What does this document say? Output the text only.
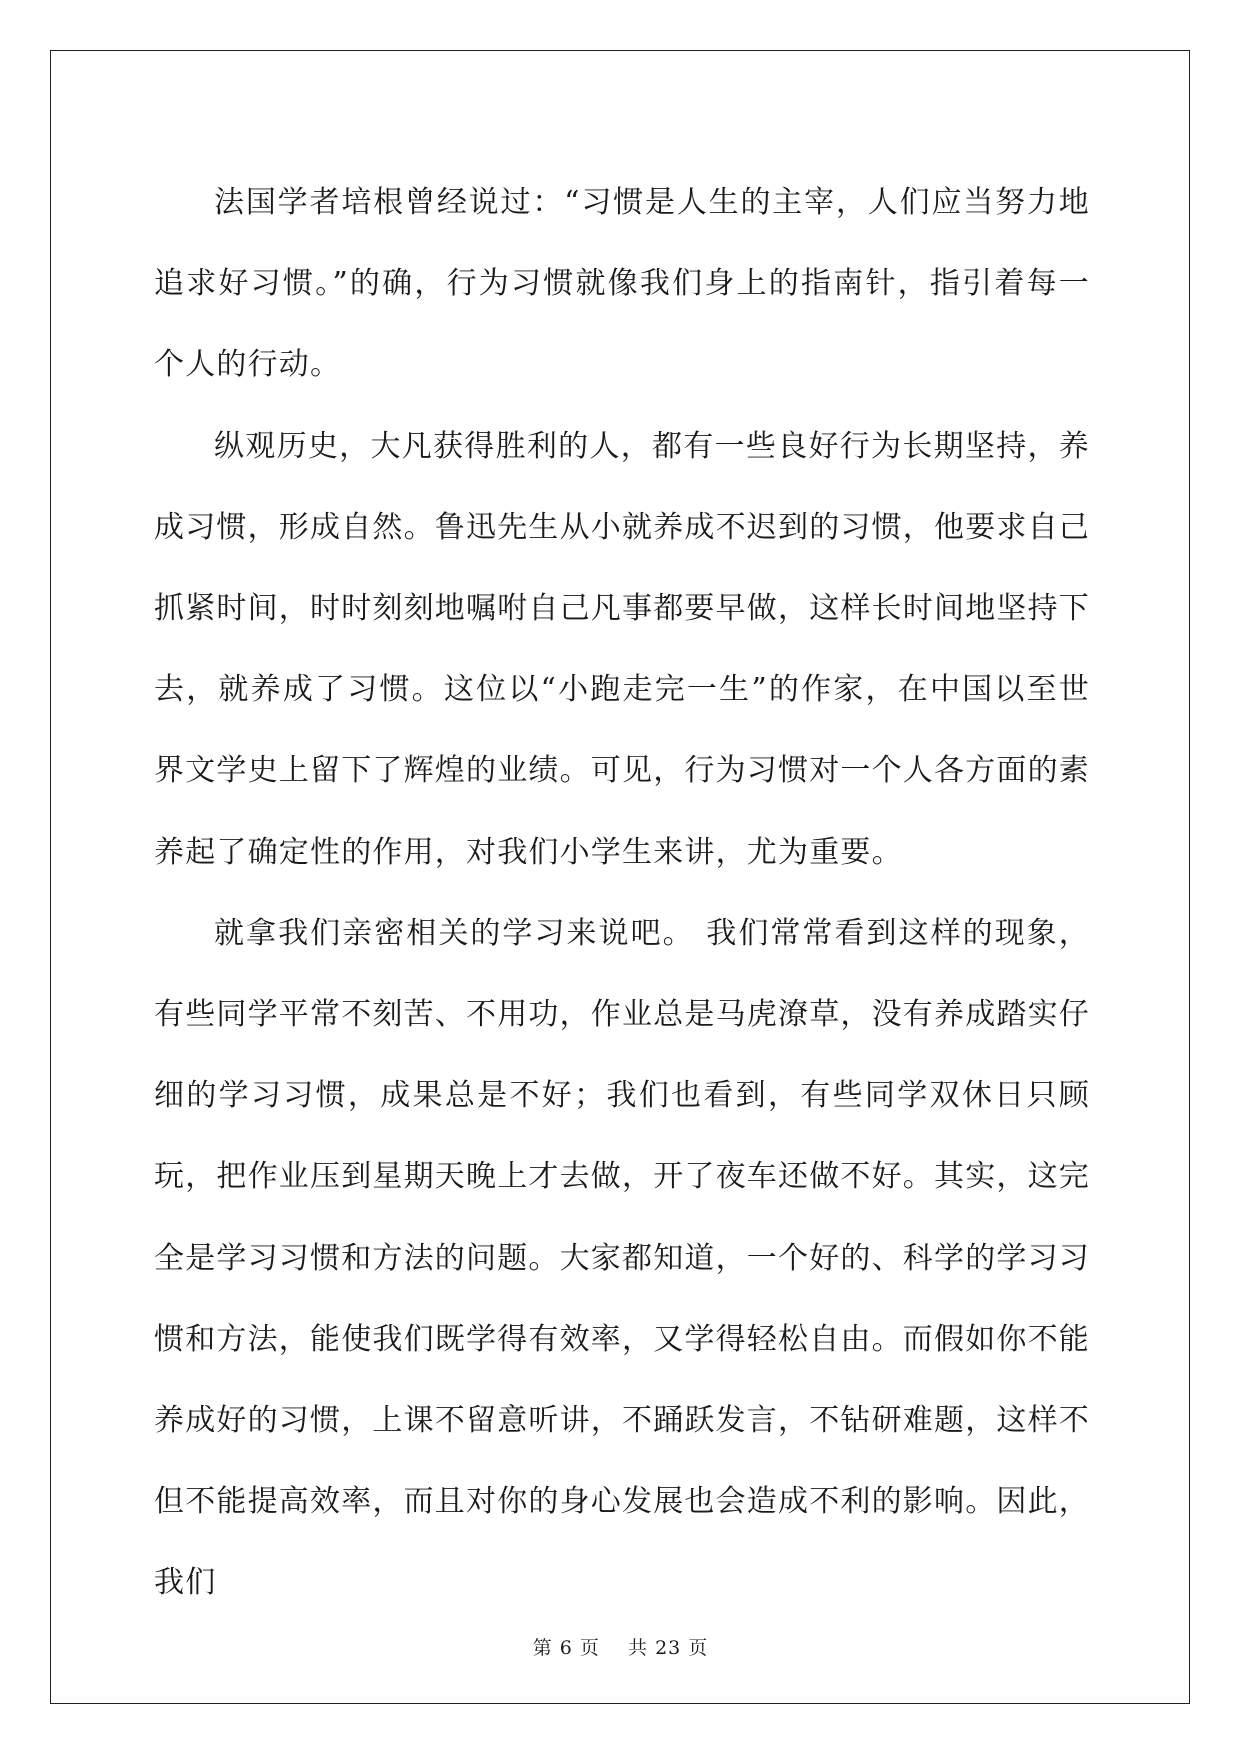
法国学者培根曾经说过：“习惯是人生的主宰，人们应当努力地追求好习惯。”的确，行为习惯就像我们身上的指南针，指引着每一个人的行动。

纵观历史，大凡获得胜利的人，都有一些良好行为长期坚持，养成习惯，形成自然。鲁迅先生从小就养成不迟到的习惯，他要求自己抓紧时间，时时刻刻地嘱咐自己凡事都要早做，这样长时间地坚持下去，就养成了习惯。这位以“小跑走完一生”的作家，在中国以至世界文学史上留下了辉煌的业绩。可见，行为习惯对一个人各方面的素养起了确定性的作用，对我们小学生来讲，尤为重要。

就拿我们亲密相关的学习来说吧。 我们常常看到这样的现象，有些同学平常不刻苦、不用功，作业总是马虎潦草，没有养成踏实仔细的学习习惯，成果总是不好；我们也看到，有些同学双休日只顾玩，把作业压到星期天晚上才去做，开了夜车还做不好。其实，这完全是学习习惯和方法的问题。大家都知道，一个好的、科学的学习习惯和方法，能使我们既学得有效率，又学得轻松自由。而假如你不能养成好的习惯，上课不留意听讲，不踊跃发言，不钻研难题，这样不但不能提高效率，而且对你的身心发展也会造成不利的影响。因此，我们

第 6 页    共 23 页
